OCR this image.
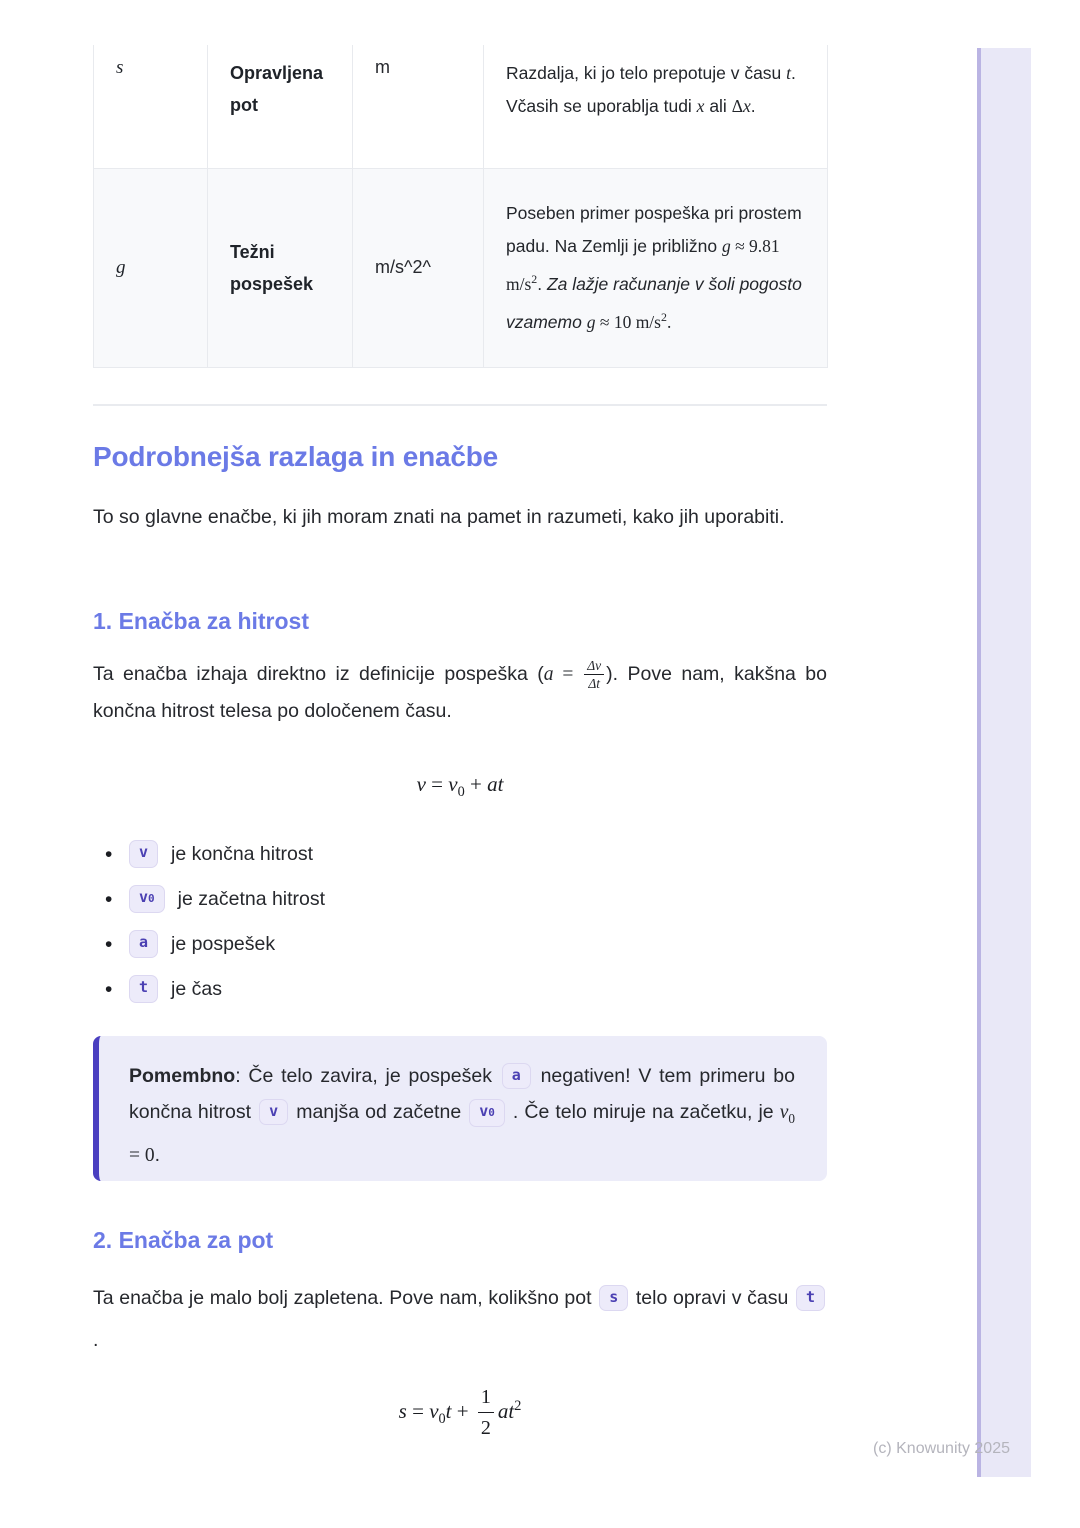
s	Opravljena pot	m	Razdalja, ki jo telo prepotuje v času t. Včasih se uporablja tudi x ali Δx.
g	Težni pospešek	m/s^2^	Poseben primer pospeška pri prostem padu. Na Zemlji je približno g ≈ 9.81 $m/s^2$. Za lažje računanje v šoli pogosto vzamemo g ≈ 10 $m/s^2$.
Podrobnejša razlaga in enačbe

To so glavne enačbe, ki jih moram znati na pamet in razumeti, kako jih uporabiti.

1. Enačba za hitrost

Ta enačba izhaja direktno iz definicije pospeška ($a = \frac{\Delta v}{\Delta t}$ ). Pove nam, kakšna bo končna hitrost telesa po določenem času.

$v = v_0$ + at
•	v	je končna hitrost
•	v0	je začetna hitrost
•	a	je pospešek
•	t	je čas
Pomembno: Če telo zavira, je pospešek a negativen! V tem primeru bo končna hitrost v manjša od začetne v0 . Če telo miruje na začetku, je $v_0 = 0$.
2. Enačba za pot

Ta enačba je malo bolj zapletena. Pove nam, kolikšno pot s telo opravi v času t .

$s = v_0t + \frac{1}{2} at^2$
(c) Knowunity 2025
